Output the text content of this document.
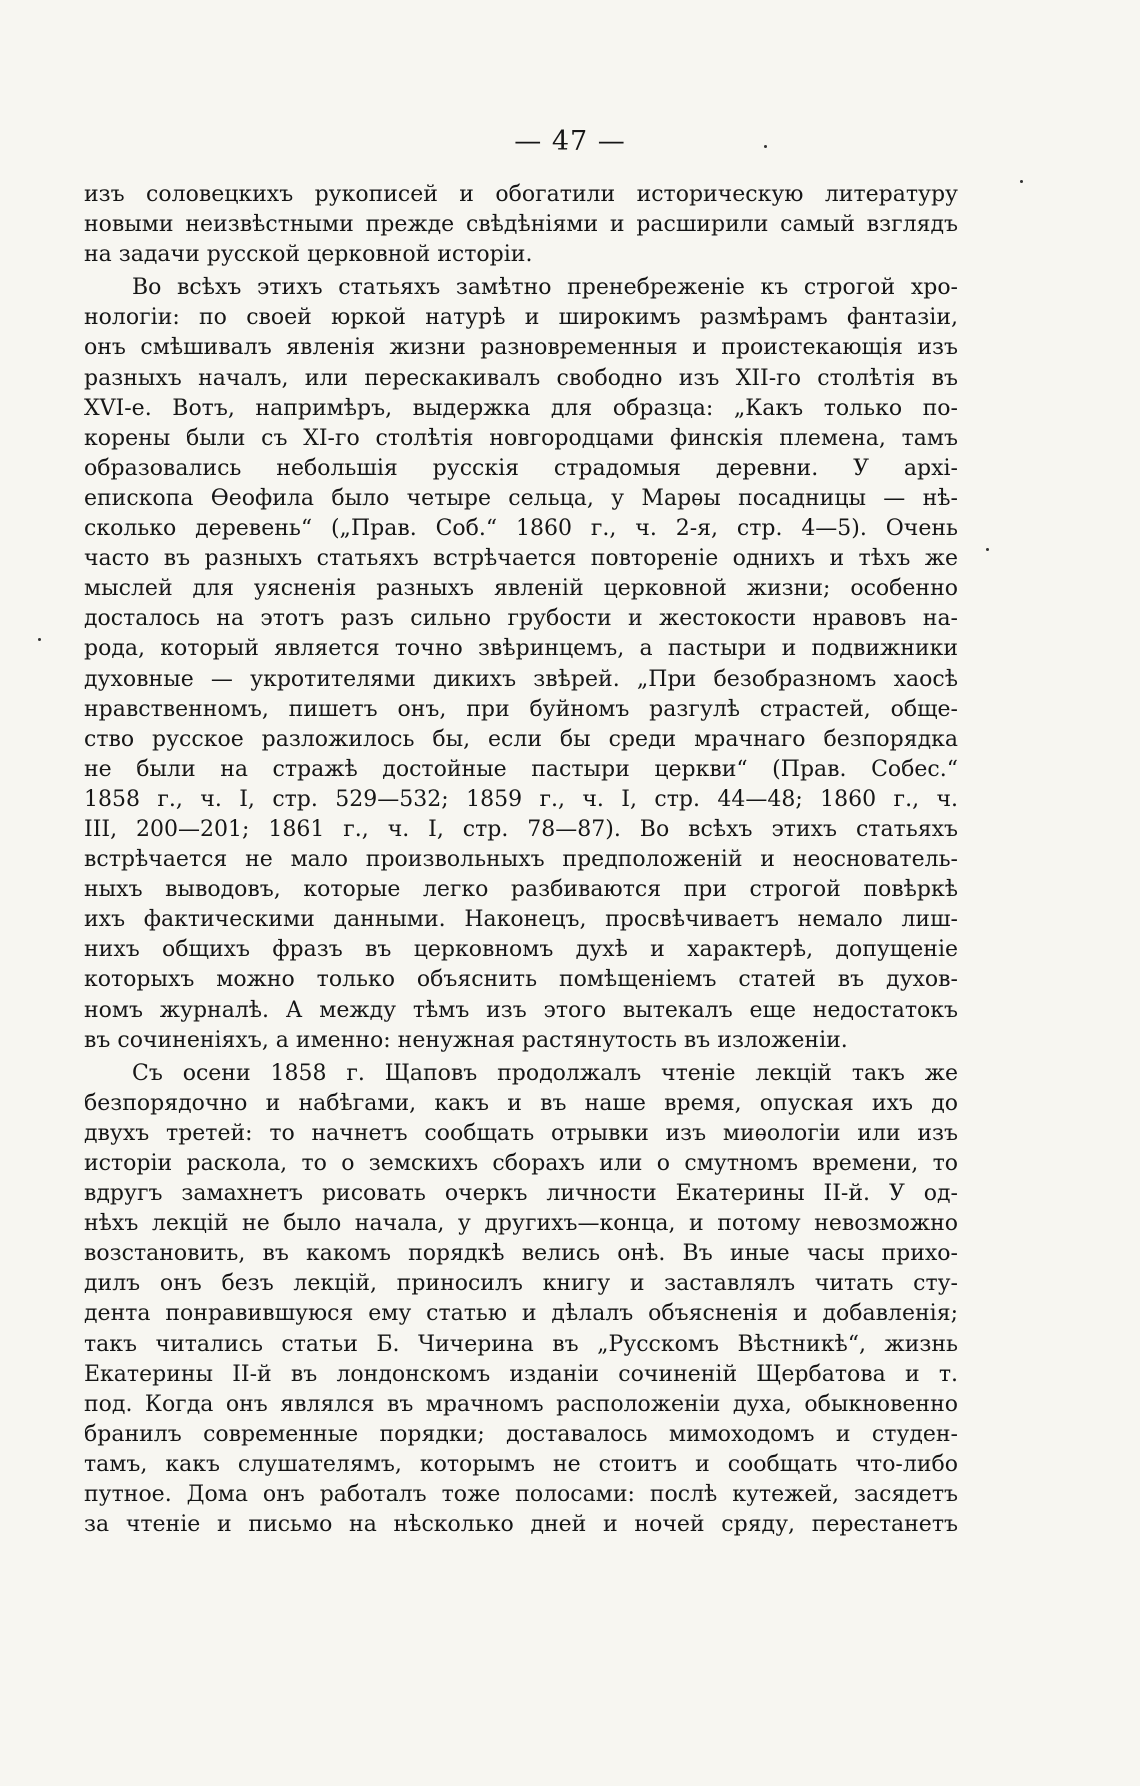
— 47 —
изъ соловецкихъ рукописей и обогатили историческую литературу
новыми неизвѣстными прежде свѣдѣніями и расширили самый взглядъ
на задачи русской церковной исторіи.
Во всѣхъ этихъ статьяхъ замѣтно пренебреженіе къ строгой хро-
нологіи: по своей юркой натурѣ и широкимъ размѣрамъ фантазіи,
онъ смѣшивалъ явленія жизни разновременныя и проистекающія изъ
разныхъ началъ, или перескакивалъ свободно изъ XII-го столѣтія въ
XVI-е. Вотъ, напримѣръ, выдержка для образца: „Какъ только по-
корены были съ XI-го столѣтія новгородцами финскія племена, тамъ
образовались небольшія русскія страдомыя деревни. У архі-
епископа Ѳеофила было четыре сельца, у Марѳы посадницы — нѣ-
сколько деревень“ („Прав. Соб.“ 1860 г., ч. 2-я, стр. 4—5). Очень
часто въ разныхъ статьяхъ встрѣчается повтореніе однихъ и тѣхъ же
мыслей для уясненія разныхъ явленій церковной жизни; особенно
досталось на этотъ разъ сильно грубости и жестокости нравовъ на-
рода, который является точно звѣринцемъ, а пастыри и подвижники
духовные — укротителями дикихъ звѣрей. „При безобразномъ хаосѣ
нравственномъ, пишетъ онъ, при буйномъ разгулѣ страстей, обще-
ство русское разложилось бы, если бы среди мрачнаго безпорядка
не были на стражѣ достойные пастыри церкви“ (Прав. Собес.“
1858 г., ч. I, стр. 529—532; 1859 г., ч. I, стр. 44—48; 1860 г., ч.
III, 200—201; 1861 г., ч. I, стр. 78—87). Во всѣхъ этихъ статьяхъ
встрѣчается не мало произвольныхъ предположеній и неоснователь-
ныхъ выводовъ, которые легко разбиваются при строгой повѣркѣ
ихъ фактическими данными. Наконецъ, просвѣчиваетъ немало лиш-
нихъ общихъ фразъ въ церковномъ духѣ и характерѣ, допущеніе
которыхъ можно только объяснить помѣщеніемъ статей въ духов-
номъ журналѣ. А между тѣмъ изъ этого вытекалъ еще недостатокъ
въ сочиненіяхъ, а именно: ненужная растянутость въ изложеніи.
Съ осени 1858 г. Щаповъ продолжалъ чтеніе лекцій такъ же
безпорядочно и набѣгами, какъ и въ наше время, опуская ихъ до
двухъ третей: то начнетъ сообщать отрывки изъ миѳологіи или изъ
исторіи раскола, то о земскихъ сборахъ или о смутномъ времени, то
вдругъ замахнетъ рисовать очеркъ личности Екатерины II-й. У од-
нѣхъ лекцій не было начала, у другихъ—конца, и потому невозможно
возстановить, въ какомъ порядкѣ велись онѣ. Въ иные часы прихо-
дилъ онъ безъ лекцій, приносилъ книгу и заставлялъ читать сту-
дента понравившуюся ему статью и дѣлалъ объясненія и добавленія;
такъ читались статьи Б. Чичерина въ „Русскомъ Вѣстникѣ“, жизнь
Екатерины II-й въ лондонскомъ изданіи сочиненій Щербатова и т.
под. Когда онъ являлся въ мрачномъ расположеніи духа, обыкновенно
бранилъ современные порядки; доставалось мимоходомъ и студен-
тамъ, какъ слушателямъ, которымъ не стоитъ и сообщать что-либо
путное. Дома онъ работалъ тоже полосами: послѣ кутежей, засядетъ
за чтеніе и письмо на нѣсколько дней и ночей сряду, перестанетъ
